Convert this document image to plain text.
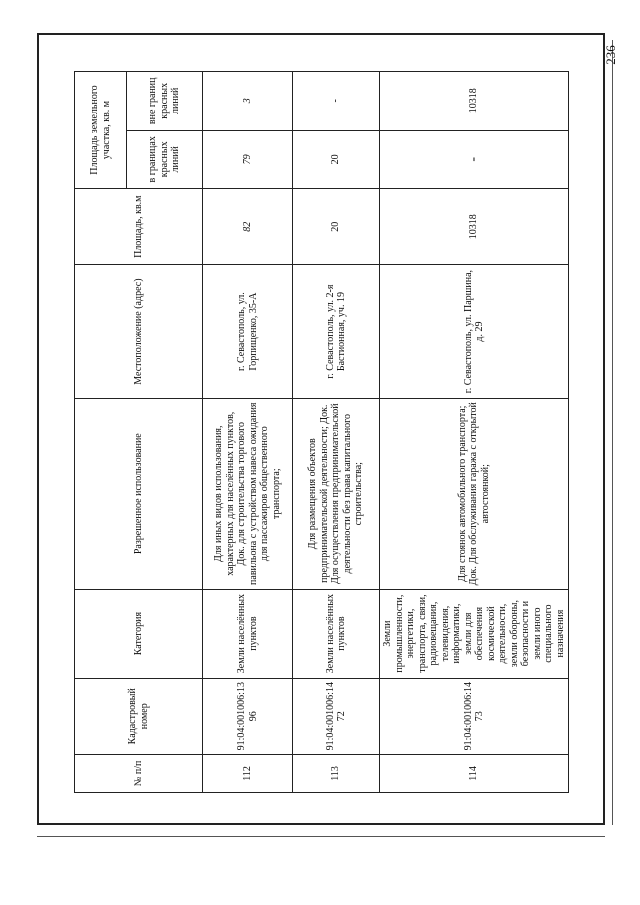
236
№ п/п	Кадастровый номер	Категория	Разрешенное использование	Местоположение (адрес)	Площадь, кв.м	Площадь земельного участка, кв. м	
						в границах красных линий	вне границ красных линий
112	91:04:001006:1396	Земли населённых пунктов	Для иных видов использования, характерных для населённых пунктов, Док. для строительства торгового павильона с устройством навеса ожидания для пассажиров общественного транспорта;	г. Севастополь, ул. Горпищенко, 35-А	82	79	3
113	91:04:001006:1472	Земли населённых пунктов	Для размещения объектов предпринимательской деятельности; Док. Для осуществления предпринимательской деятельности без права капитального строительства;	г. Севастополь, ул. 2-я Бастионная, уч. 19	20	20	-
114	91:04:001006:1473	Земли промышленности, энергетики, транспорта, связи, радиовещания, телевидения, информатики, земли для обеспечения космической деятельности, земли обороны, безопасности и земли иного специального назначения	Для стоянок автомобильного транспорта; Док. Для обслуживания гаража с открытой автостоянкой;	г. Севастополь, ул. Паршина, д. 29	10318	-	10318
